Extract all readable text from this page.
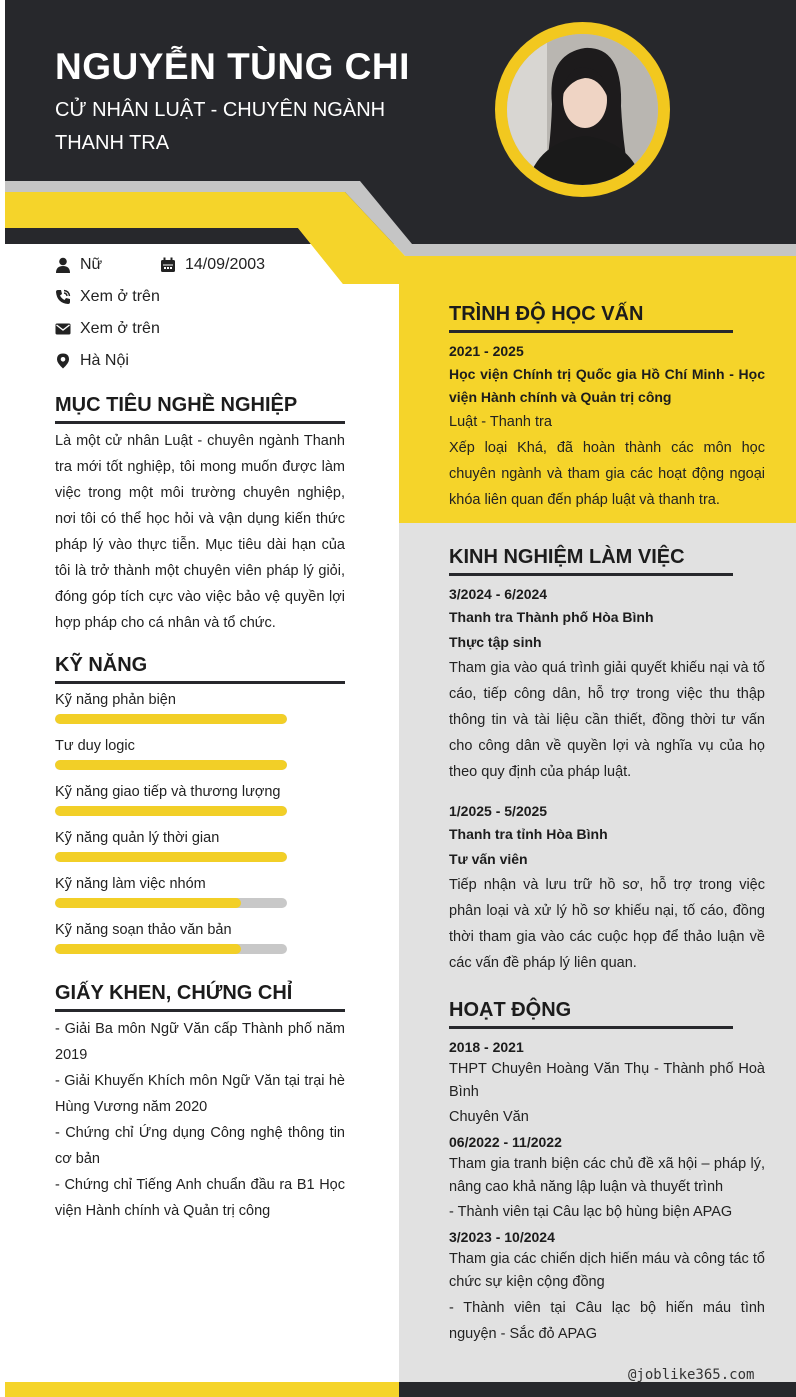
NGUYỄN TÙNG CHI
CỬ NHÂN LUẬT - CHUYÊN NGÀNH THANH TRA
Nữ	14/09/2003
Xem ở trên
Xem ở trên
Hà Nội
MỤC TIÊU NGHỀ NGHIỆP
Là một cử nhân Luật - chuyên ngành Thanh tra mới tốt nghiệp, tôi mong muốn được làm việc trong một môi trường chuyên nghiệp, nơi tôi có thể học hỏi và vận dụng kiến thức pháp lý vào thực tiễn. Mục tiêu dài hạn của tôi là trở thành một chuyên viên pháp lý giỏi, đóng góp tích cực vào việc bảo vệ quyền lợi hợp pháp cho cá nhân và tổ chức.
KỸ NĂNG
Kỹ năng phản biện
Tư duy logic
Kỹ năng giao tiếp và thương lượng
Kỹ năng quản lý thời gian
Kỹ năng làm việc nhóm
Kỹ năng soạn thảo văn bản
GIẤY KHEN, CHỨNG CHỈ
- Giải Ba môn Ngữ Văn cấp Thành phố năm 2019
- Giải Khuyến Khích môn Ngữ Văn tại trại hè Hùng Vương năm 2020
- Chứng chỉ Ứng dụng Công nghệ thông tin cơ bản
- Chứng chỉ Tiếng Anh chuẩn đầu ra B1 Học viện Hành chính và Quản trị công
TRÌNH ĐỘ HỌC VẤN
2021 - 2025
Học viện Chính trị Quốc gia Hồ Chí Minh - Học viện Hành chính và Quản trị công
Luật - Thanh tra
Xếp loại Khá, đã hoàn thành các môn học chuyên ngành và tham gia các hoạt động ngoại khóa liên quan đến pháp luật và thanh tra.
KINH NGHIỆM LÀM VIỆC
3/2024 - 6/2024
Thanh tra Thành phố Hòa Bình
Thực tập sinh
Tham gia vào quá trình giải quyết khiếu nại và tố cáo, tiếp công dân, hỗ trợ trong việc thu thập thông tin và tài liệu cần thiết, đồng thời tư vấn cho công dân về quyền lợi và nghĩa vụ của họ theo quy định của pháp luật.
1/2025 - 5/2025
Thanh tra tỉnh Hòa Bình
Tư vấn viên
Tiếp nhận và lưu trữ hồ sơ, hỗ trợ trong việc phân loại và xử lý hồ sơ khiếu nại, tố cáo, đồng thời tham gia vào các cuộc họp để thảo luận về các vấn đề pháp lý liên quan.
HOẠT ĐỘNG
2018 - 2021
THPT Chuyên Hoàng Văn Thụ - Thành phố Hoà Bình
Chuyên Văn
06/2022 - 11/2022
Tham gia tranh biện các chủ đề xã hội – pháp lý, nâng cao khả năng lập luận và thuyết trình
- Thành viên tại Câu lạc bộ hùng biện APAG
3/2023 - 10/2024
Tham gia các chiến dịch hiến máu và công tác tổ chức sự kiện cộng đồng
- Thành viên tại Câu lạc bộ hiến máu tình nguyện - Sắc đỏ APAG
@joblike365.com
